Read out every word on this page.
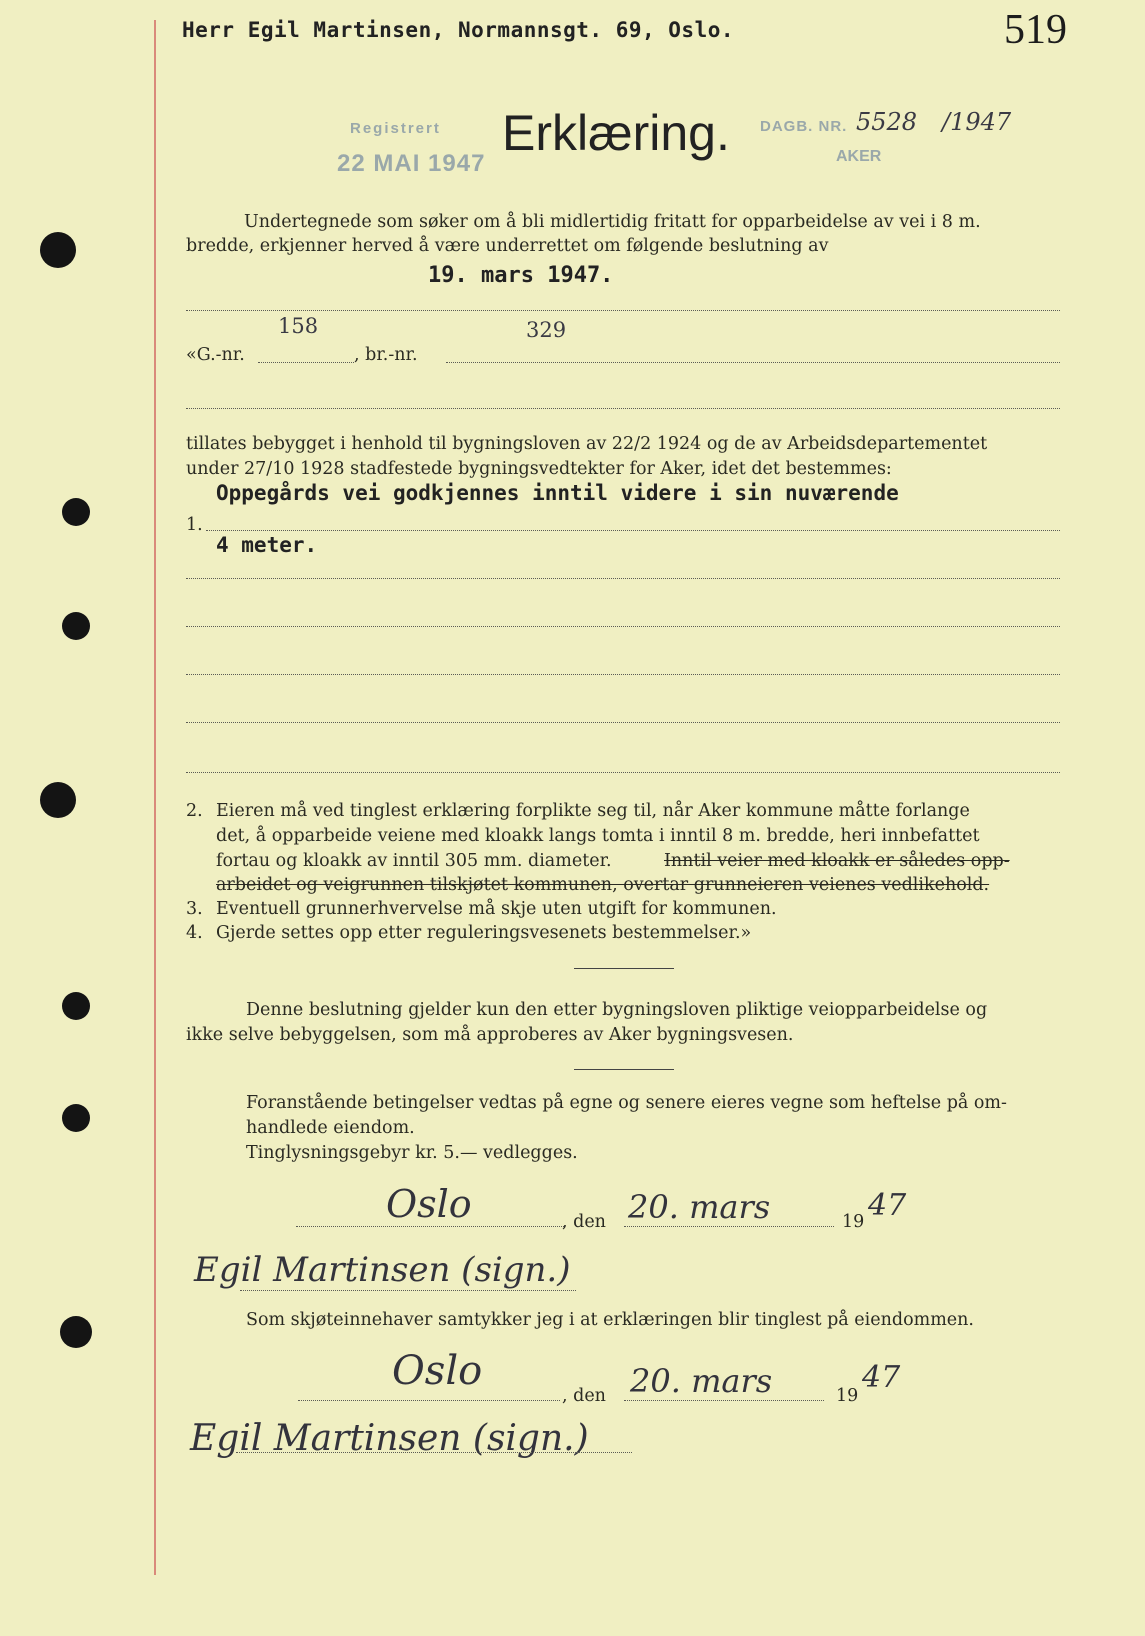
519
Herr Egil Martinsen, Normannsgt. 69, Oslo.
Registrert
22 MAI 1947
Erklæring. DAGB. NR. 5528 /1947
AKER
Undertegnede som søker om å bli midlertidig fritatt for opparbeidelse av vei i 8 m.
bredde, erkjenner herved å være underrettet om følgende beslutning av
19. mars 1947.
158	329
«G.-nr.	, br.-nr.
tillates bebygget i henhold til bygningsloven av 22/2 1924 og de av Arbeidsdepartementet
under 27/10 1928 stadfestede bygningsvedtekter for Aker, idet det bestemmes:
Oppegårds vei godkjennes inntil videre i sin nuværende
1.
4 meter.
2. Eieren må ved tinglest erklæring forplikte seg til, når Aker kommune måtte forlange
det, å opparbeide veiene med kloakk langs tomta i inntil 8 m. bredde, heri innbefattet
fortau og kloakk av inntil 305 mm. diameter.	Inntil veier med kloakk er således opp-
arbeidet og veigrunnen tilskjøtet kommunen, overtar grunneieren veienes vedlikehold.
3. Eventuell grunnerhvervelse må skje uten utgift for kommunen.
4. Gjerde settes opp etter reguleringsvesenets bestemmelser.»
Denne beslutning gjelder kun den etter bygningsloven pliktige veiopparbeidelse og
ikke selve bebyggelsen, som må approberes av Aker bygningsvesen.
Foranstående betingelser vedtas på egne og senere eieres vegne som heftelse på om-
handlede eiendom.
Tinglysningsgebyr kr. 5.— vedlegges.
Oslo	, den 20. mars	19 47
Egil Martinsen (sign.)
Som skjøteinnehaver samtykker jeg i at erklæringen blir tinglest på eiendommen.
Oslo
, den 20. mars	19
47
Egil Martinsen (sign.)
